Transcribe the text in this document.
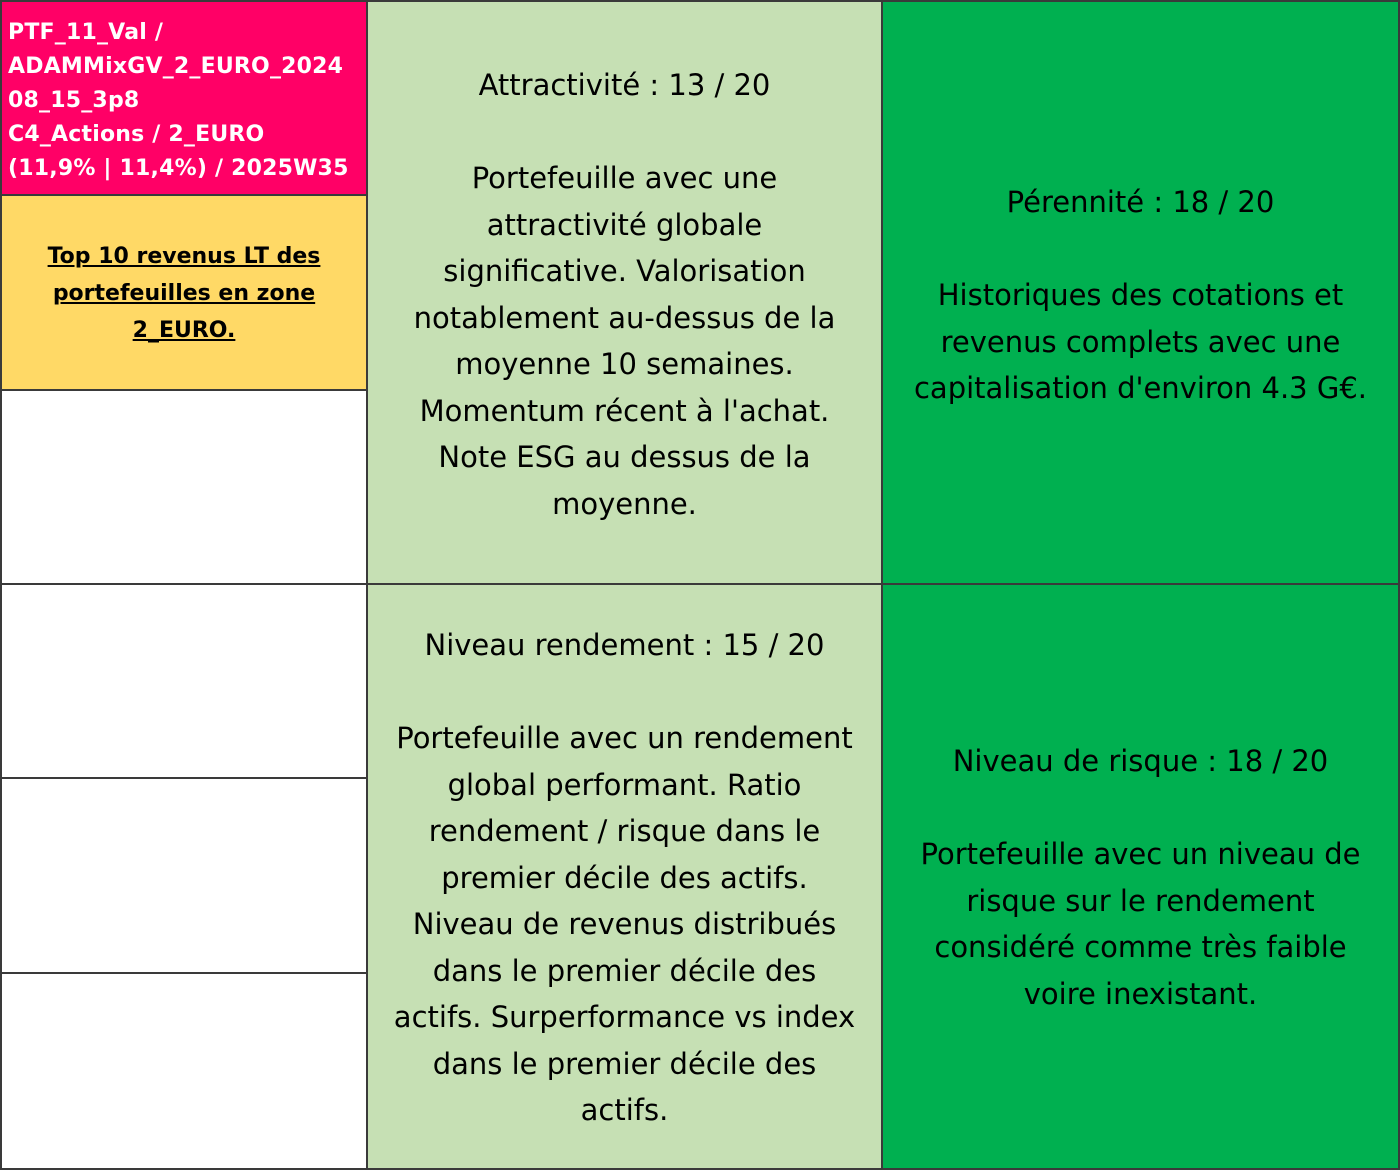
PTF_11_Val /

ADAMMixGV_2_EURO_2024

08_15_3p8

C4_Actions / 2_EURO

(11,9% | 11,4%) / 2025W35

Top 10 revenus LT des

portefeuilles en zone

2_EURO.

Attractivité : 13 / 20

Portefeuille avec une

attractivité globale

significative. Valorisation

notablement au-dessus de la

moyenne 10 semaines.

Momentum récent à l'achat.

Note ESG au dessus de la

moyenne.

Pérennité : 18 / 20

Historiques des cotations et

revenus complets avec une

capitalisation d'environ 4.3 G€.

Niveau rendement : 15 / 20

Portefeuille avec un rendement

global performant. Ratio

rendement / risque dans le

premier décile des actifs.

Niveau de revenus distribués

dans le premier décile des

actifs. Surperformance vs index

dans le premier décile des

actifs.

Niveau de risque : 18 / 20

Portefeuille avec un niveau de

risque sur le rendement

considéré comme très faible

voire inexistant.
